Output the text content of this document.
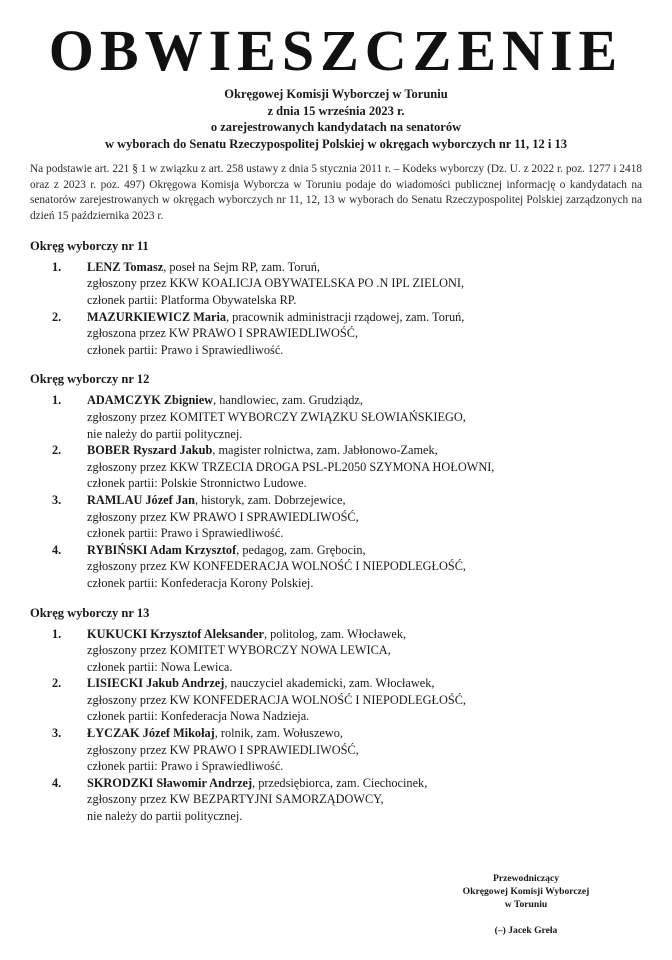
OBWIESZCZENIE
Okręgowej Komisji Wyborczej w Toruniu
z dnia 15 września 2023 r.
o zarejestrowanych kandydatach na senatorów
w wyborach do Senatu Rzeczypospolitej Polskiej w okręgach wyborczych nr 11, 12 i 13

Na podstawie art. 221 § 1 w związku z art. 258 ustawy z dnia 5 stycznia 2011 r. – Kodeks wyborczy (Dz. U. z 2022 r. poz. 1277 i 2418 oraz z 2023 r. poz. 497) Okręgowa Komisja Wyborcza w Toruniu podaje do wiadomości publicznej informację o kandydatach na senatorów zarejestrowanych w okręgach wyborczych nr 11, 12, 13 w wyborach do Senatu Rzeczypospolitej Polskiej zarządzonych na dzień 15 października 2023 r.

Okręg wyborczy nr 11
1. LENZ Tomasz, poseł na Sejm RP, zam. Toruń,
zgłoszony przez KKW KOALICJA OBYWATELSKA PO .N IPL ZIELONI,
członek partii: Platforma Obywatelska RP.
2. MAZURKIEWICZ Maria, pracownik administracji rządowej, zam. Toruń,
zgłoszona przez KW PRAWO I SPRAWIEDLIWOŚĆ,
członek partii: Prawo i Sprawiedliwość.
Okręg wyborczy nr 12
1. ADAMCZYK Zbigniew, handlowiec, zam. Grudziądz,
zgłoszony przez KOMITET WYBORCZY ZWIĄZKU SŁOWIAŃSKIEGO,
nie należy do partii politycznej.
2. BOBER Ryszard Jakub, magister rolnictwa, zam. Jabłonowo-Zamek,
zgłoszony przez KKW TRZECIA DROGA PSL-PL2050 SZYMONA HOŁOWNI,
członek partii: Polskie Stronnictwo Ludowe.
3. RAMLAU Józef Jan, historyk, zam. Dobrzejewice,
zgłoszony przez KW PRAWO I SPRAWIEDLIWOŚĆ,
członek partii: Prawo i Sprawiedliwość.
4. RYBIŃSKI Adam Krzysztof, pedagog, zam. Grębocin,
zgłoszony przez KW KONFEDERACJA WOLNOŚĆ I NIEPODLEGŁOŚĆ,
członek partii: Konfederacja Korony Polskiej.
Okręg wyborczy nr 13
1. KUKUCKI Krzysztof Aleksander, politolog, zam. Włocławek,
zgłoszony przez KOMITET WYBORCZY NOWA LEWICA,
członek partii: Nowa Lewica.
2. LISIECKI Jakub Andrzej, nauczyciel akademicki, zam. Włocławek,
zgłoszony przez KW KONFEDERACJA WOLNOŚĆ I NIEPODLEGŁOŚĆ,
członek partii: Konfederacja Nowa Nadzieja.
3. ŁYCZAK Józef Mikołaj, rolnik, zam. Wołuszewo,
zgłoszony przez KW PRAWO I SPRAWIEDLIWOŚĆ,
członek partii: Prawo i Sprawiedliwość.
4. SKRODZKI Sławomir Andrzej, przedsiębiorca, zam. Ciechocinek,
zgłoszony przez KW BEZPARTYJNI SAMORZĄDOWCY,
nie należy do partii politycznej.
Przewodniczący
Okręgowej Komisji Wyborczej
w Toruniu
(–) Jacek Greła
